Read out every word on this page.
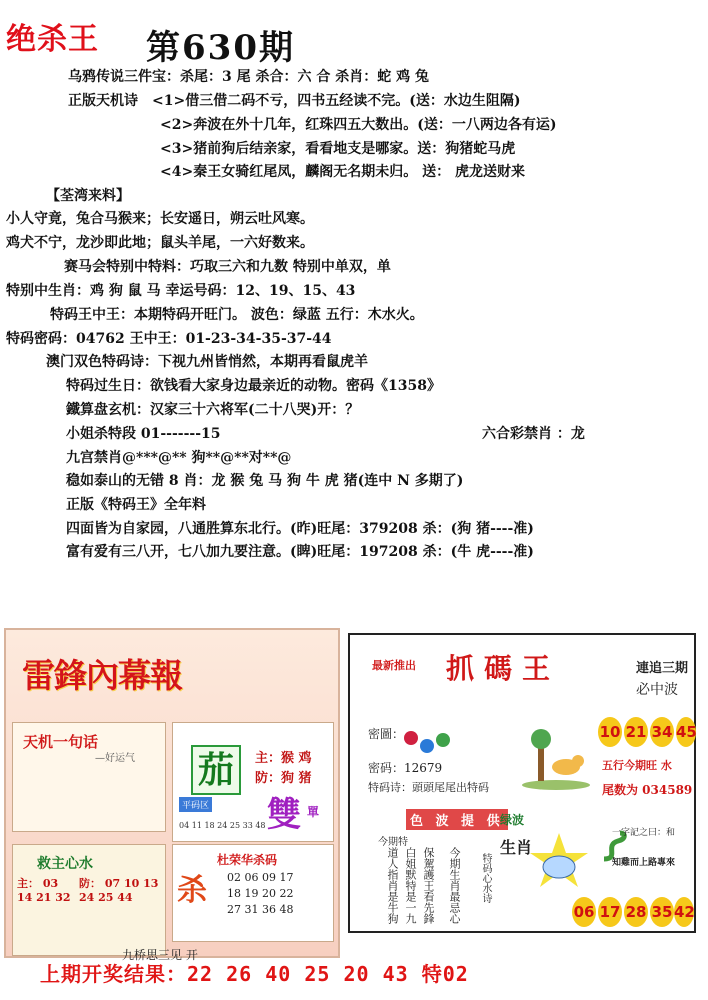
绝杀王 第630期
乌鸦传说三件宝：杀尾：3 尾 杀合：六 合 杀肖：蛇 鸡 兔
正版天机诗　<1>借三借二码不亏，四书五经读不完。(送：水边生阻隔)
<2>奔波在外十几年，红珠四五大数出。(送：一八两边各有运)
<3>猪前狗后结亲家，看看地支是哪家。送：狗猪蛇马虎
<4>秦王女骑红尾凤，麟阁无名期未归。 送： 虎龙送财来
【荃湾来料】
小人守竟，兔合马猴来；长安遥日，朔云吐风寒。
鸡犬不宁，龙沙即此地；鼠头羊尾，一六好数来。
赛马会特别中特料：巧取三六和九数 特别中单双，单
特别中生肖：鸡 狗 鼠 马 幸运号码：12、19、15、43
特码王中王：本期特码开旺门。 波色：绿蓝 五行：木水火。
特码密码：04762 王中王：01-23-34-35-37-44
澳门双色特码诗：下视九州皆悄然，本期再看鼠虎羊
特码过生日：欲钱看大家身边最亲近的动物。密码《1358》
鐵算盘玄机：汉家三十六将军(二十八哭)开：？
小姐杀特段 01-------15	六合彩禁肖 ：龙
九宫禁肖@***@** 狗**@**对**@
稳如泰山的无错 8 肖：龙 猴 兔 马 狗 牛 虎 猪(连中 N 多期了)
正版《特码王》全年料
四面皆为自家园，八通胜算东北行。(昨)旺尾：379208 杀：(狗 猪----准)
富有爱有三八开，七八加九要注意。(睥)旺尾：197208 杀：(牛 虎----准)
雷鋒內幕報
天机一句话
—好运气 茄	主：猴 鸡
防：狗 猪
雙 單
平码区
04 11 18 24 25 33 48
救主心水
主： 03 14 21 32
防： 07 10 13 24 25 44
杜荣华杀码
杀 02 06 09 17
18 19 20 22
27 31 36 48
九桥思三见 开
最新推出 抓碼王	連追三期
必中波
密圖：
密码：12679
特码诗：頭頭尾尾出特码
10 21 34 45
五行今期旺 水
尾数为 034589
色 波 提 供
绿波
今期特	生肖
特码心水诗
道人指肖是牛狗 白姐默特是一九 保駕護王看先鋒 今期生肖最忌心
一字記之曰：和
知雞而上路專來
06 17 28 35 42
上期开奖结果：22 26 40 25 20 43 特02
